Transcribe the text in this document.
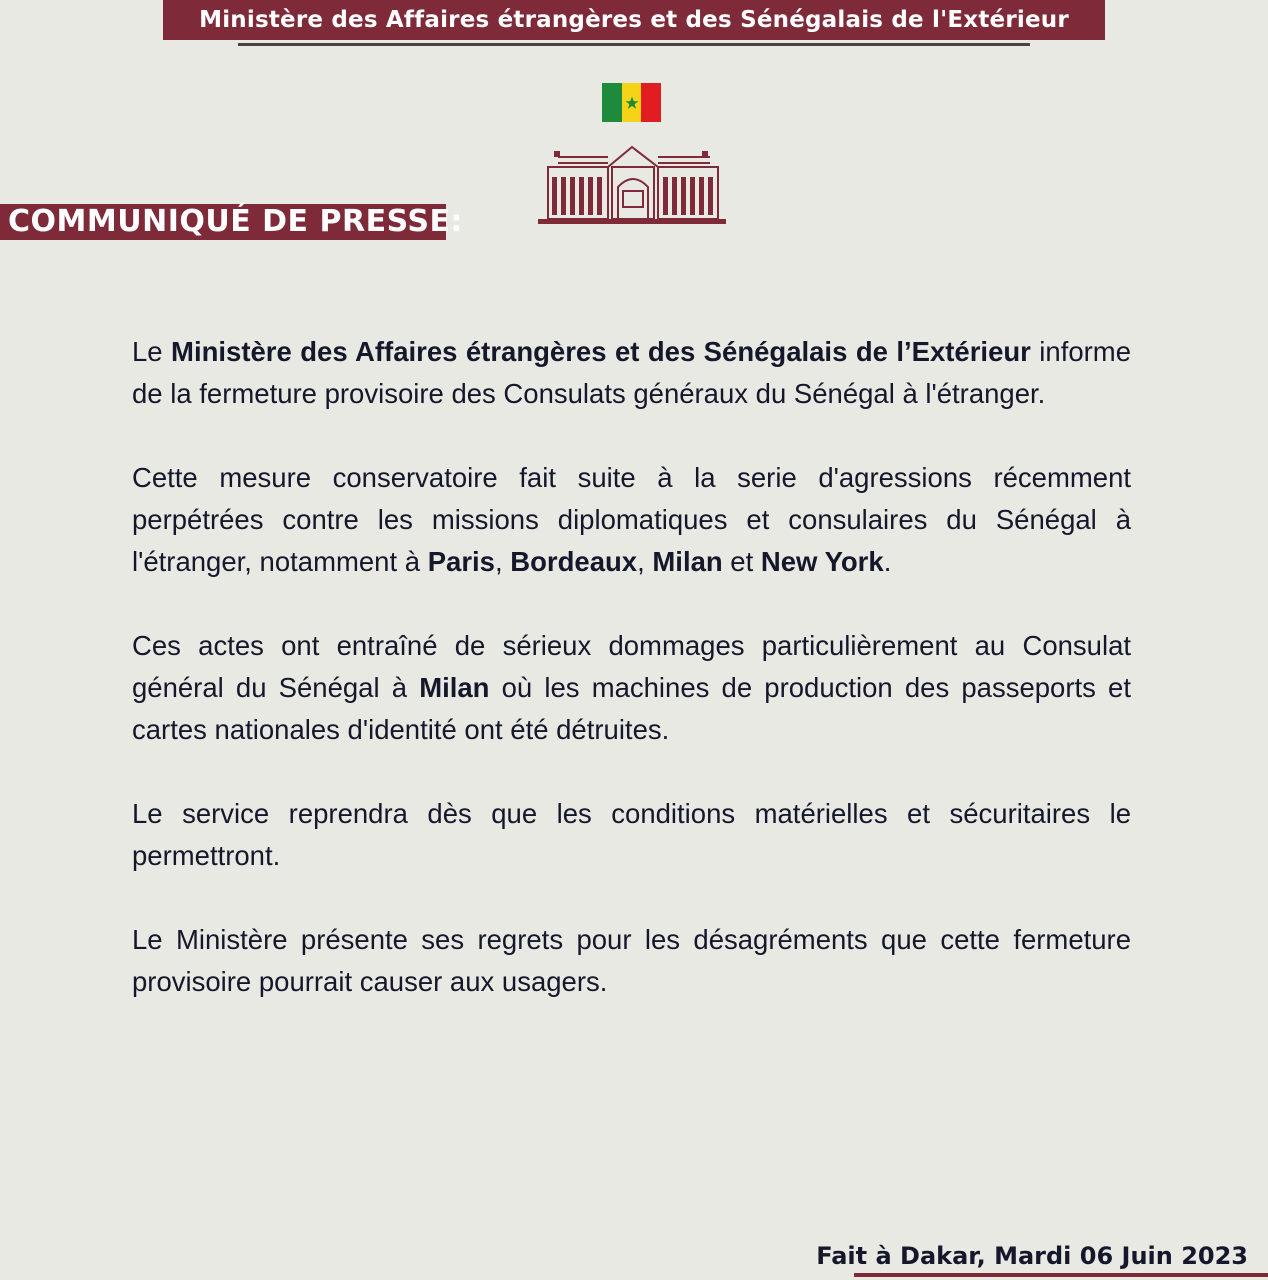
Ministère des Affaires étrangères et des Sénégalais de l'Extérieur
COMMUNIQUÉ DE PRESSE:

Le Ministère des Affaires étrangères et des Sénégalais de l’Extérieur informe de la fermeture provisoire des Consulats généraux du Sénégal à l'étranger.

Cette mesure conservatoire fait suite à la serie d'agressions récemment perpétrées contre les missions diplomatiques et consulaires du Sénégal à l'étranger, notamment à Paris, Bordeaux, Milan et New York.

Ces actes ont entraîné de sérieux dommages particulièrement au Consulat général du Sénégal à Milan où les machines de production des passeports et cartes nationales d'identité ont été détruites.

Le service reprendra dès que les conditions matérielles et sécuritaires le permettront.

Le Ministère présente ses regrets pour les désagréments que cette fermeture provisoire pourrait causer aux usagers.

Fait à Dakar, Mardi 06 Juin 2023
